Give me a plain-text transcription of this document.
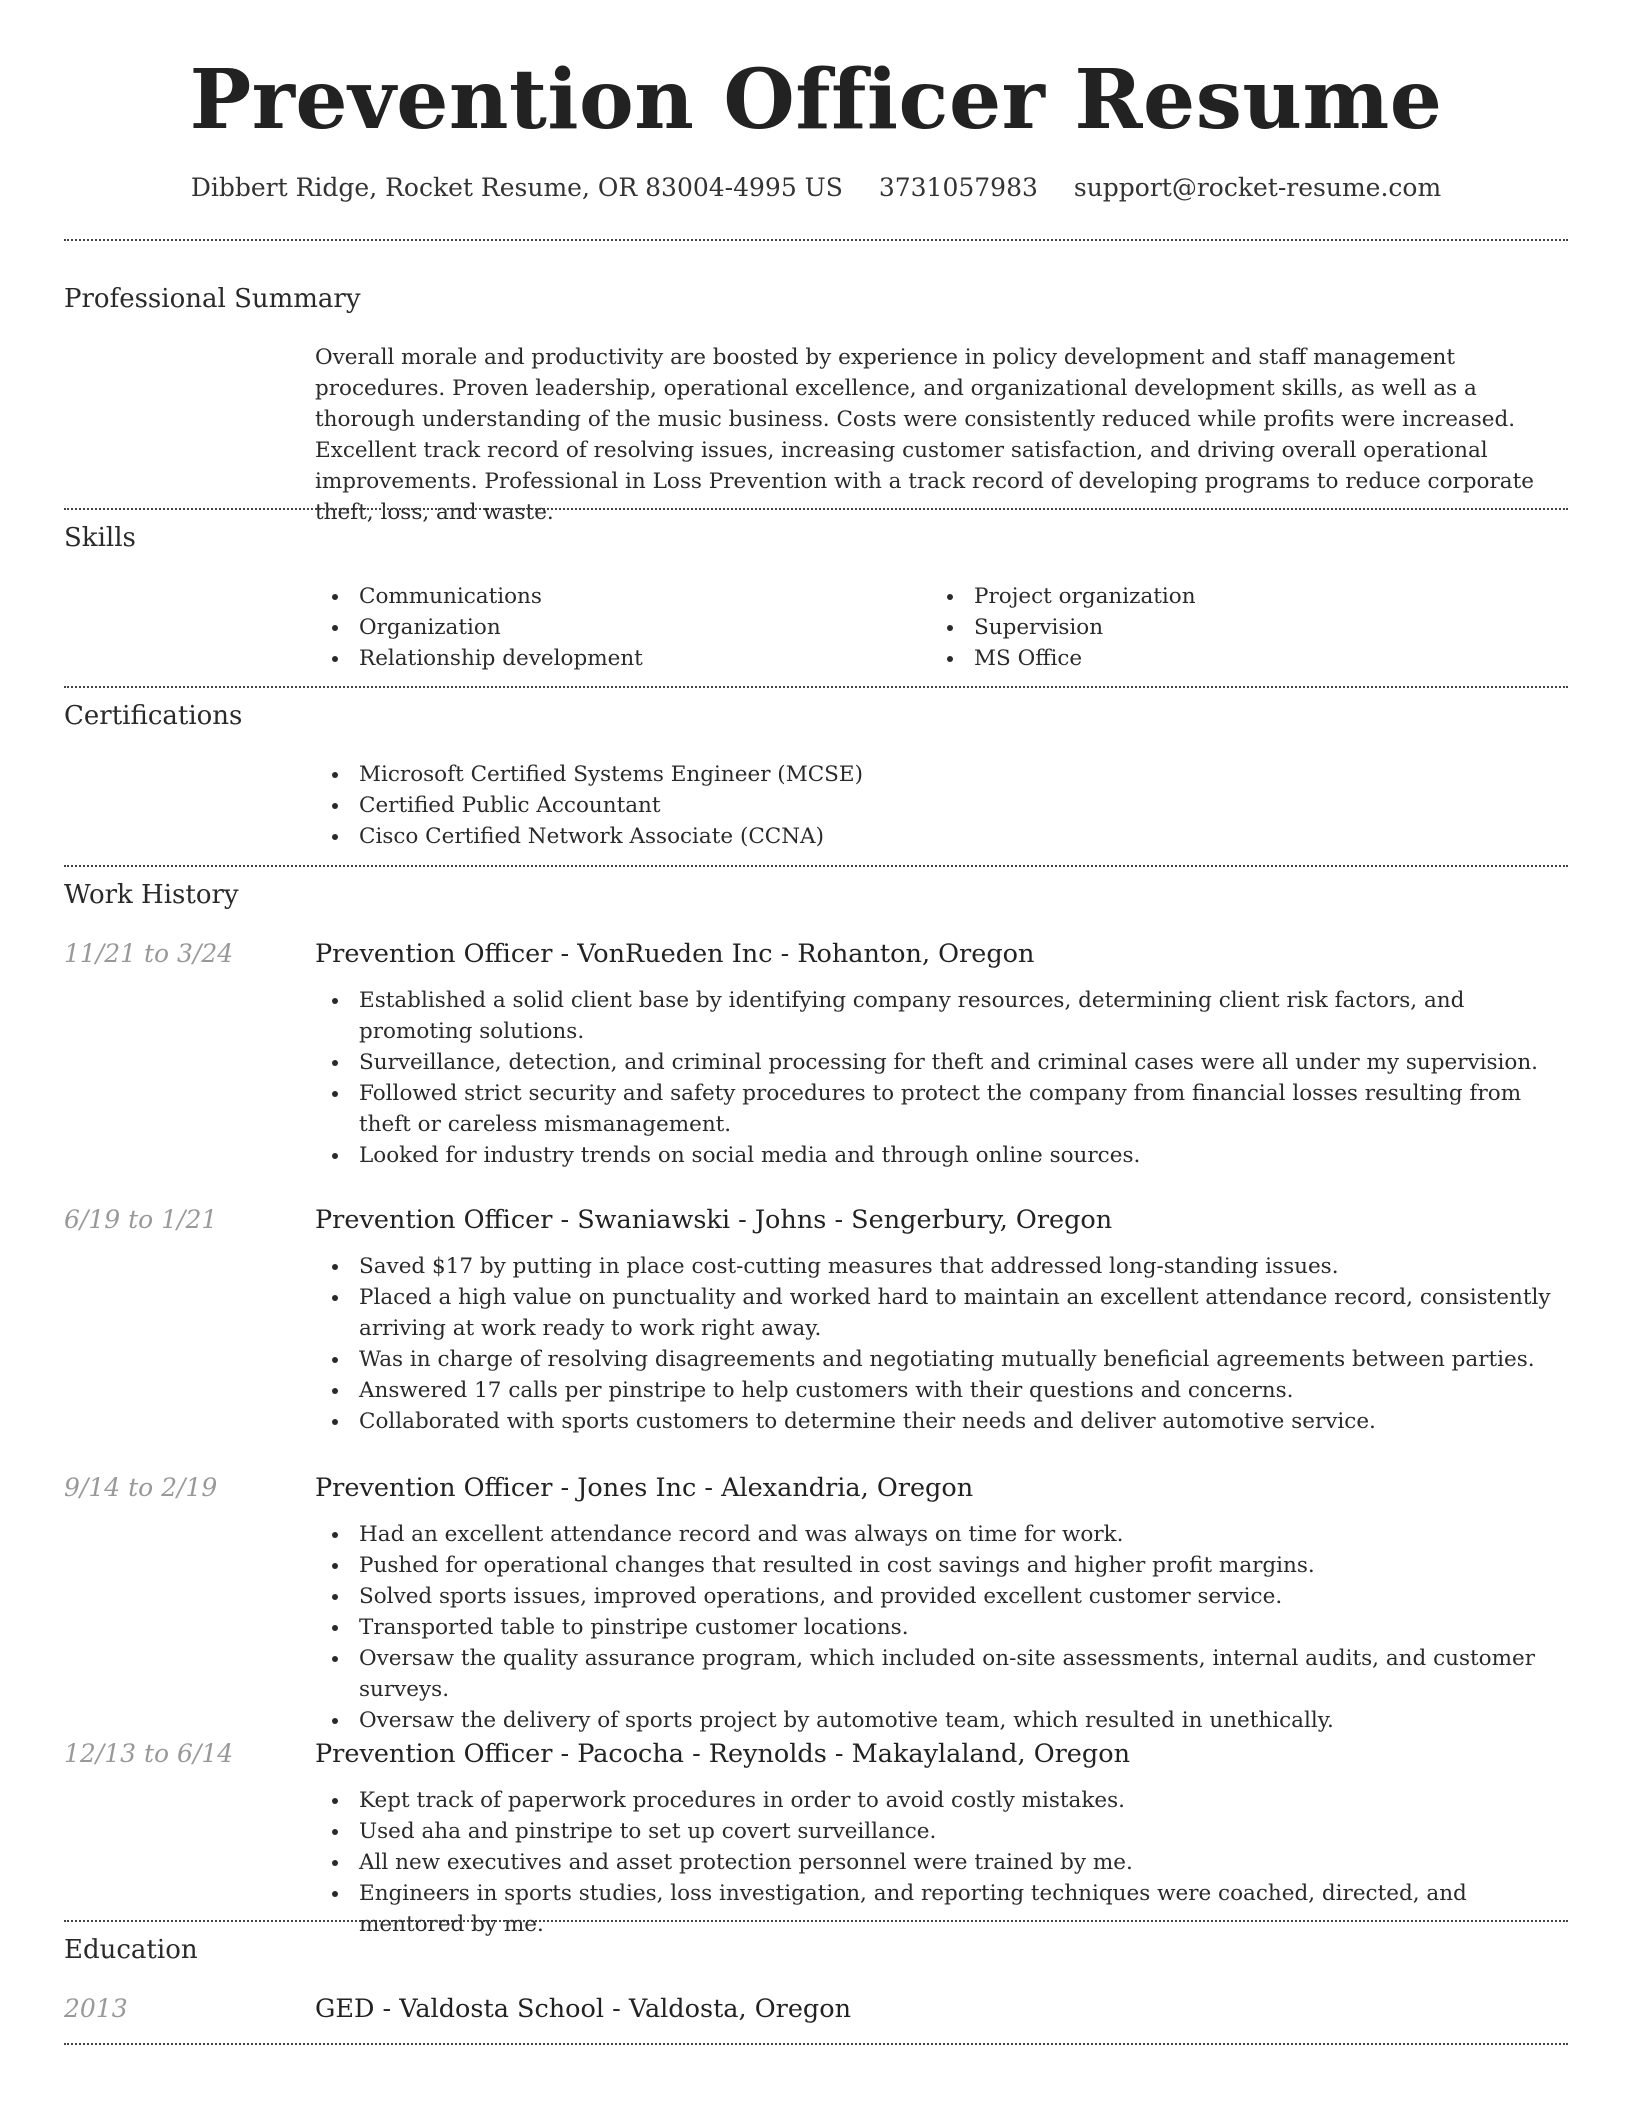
Prevention Officer Resume
Dibbert Ridge, Rocket Resume, OR 83004-4995 US 3731057983 support@rocket-resume.com
Professional Summary

Overall morale and productivity are boosted by experience in policy development and staff management procedures. Proven leadership, operational excellence, and organizational development skills, as well as a thorough understanding of the music business. Costs were consistently reduced while profits were increased. Excellent track record of resolving issues, increasing customer satisfaction, and driving overall operational improvements. Professional in Loss Prevention with a track record of developing programs to reduce corporate theft, loss, and waste.

Skills
Communications
Organization
Relationship development
Project organization
Supervision
MS Office
Certifications
Microsoft Certified Systems Engineer (MCSE)
Certified Public Accountant
Cisco Certified Network Associate (CCNA)
Work History
11/21 to 3/24	Prevention Officer - VonRueden Inc - Rohanton, Oregon
Established a solid client base by identifying company resources, determining client risk factors, and promoting solutions.
Surveillance, detection, and criminal processing for theft and criminal cases were all under my supervision.
Followed strict security and safety procedures to protect the company from financial losses resulting from theft or careless mismanagement.
Looked for industry trends on social media and through online sources.
6/19 to 1/21	Prevention Officer - Swaniawski - Johns - Sengerbury, Oregon
Saved $17 by putting in place cost-cutting measures that addressed long-standing issues.
Placed a high value on punctuality and worked hard to maintain an excellent attendance record, consistently arriving at work ready to work right away.
Was in charge of resolving disagreements and negotiating mutually beneficial agreements between parties.
Answered 17 calls per pinstripe to help customers with their questions and concerns.
Collaborated with sports customers to determine their needs and deliver automotive service.
9/14 to 2/19	Prevention Officer - Jones Inc - Alexandria, Oregon
Had an excellent attendance record and was always on time for work.
Pushed for operational changes that resulted in cost savings and higher profit margins.
Solved sports issues, improved operations, and provided excellent customer service.
Transported table to pinstripe customer locations.
Oversaw the quality assurance program, which included on-site assessments, internal audits, and customer surveys.
Oversaw the delivery of sports project by automotive team, which resulted in unethically.
12/13 to 6/14	Prevention Officer - Pacocha - Reynolds - Makaylaland, Oregon
Kept track of paperwork procedures in order to avoid costly mistakes.
Used aha and pinstripe to set up covert surveillance.
All new executives and asset protection personnel were trained by me.
Engineers in sports studies, loss investigation, and reporting techniques were coached, directed, and mentored by me.
Education
2013	GED - Valdosta School - Valdosta, Oregon
